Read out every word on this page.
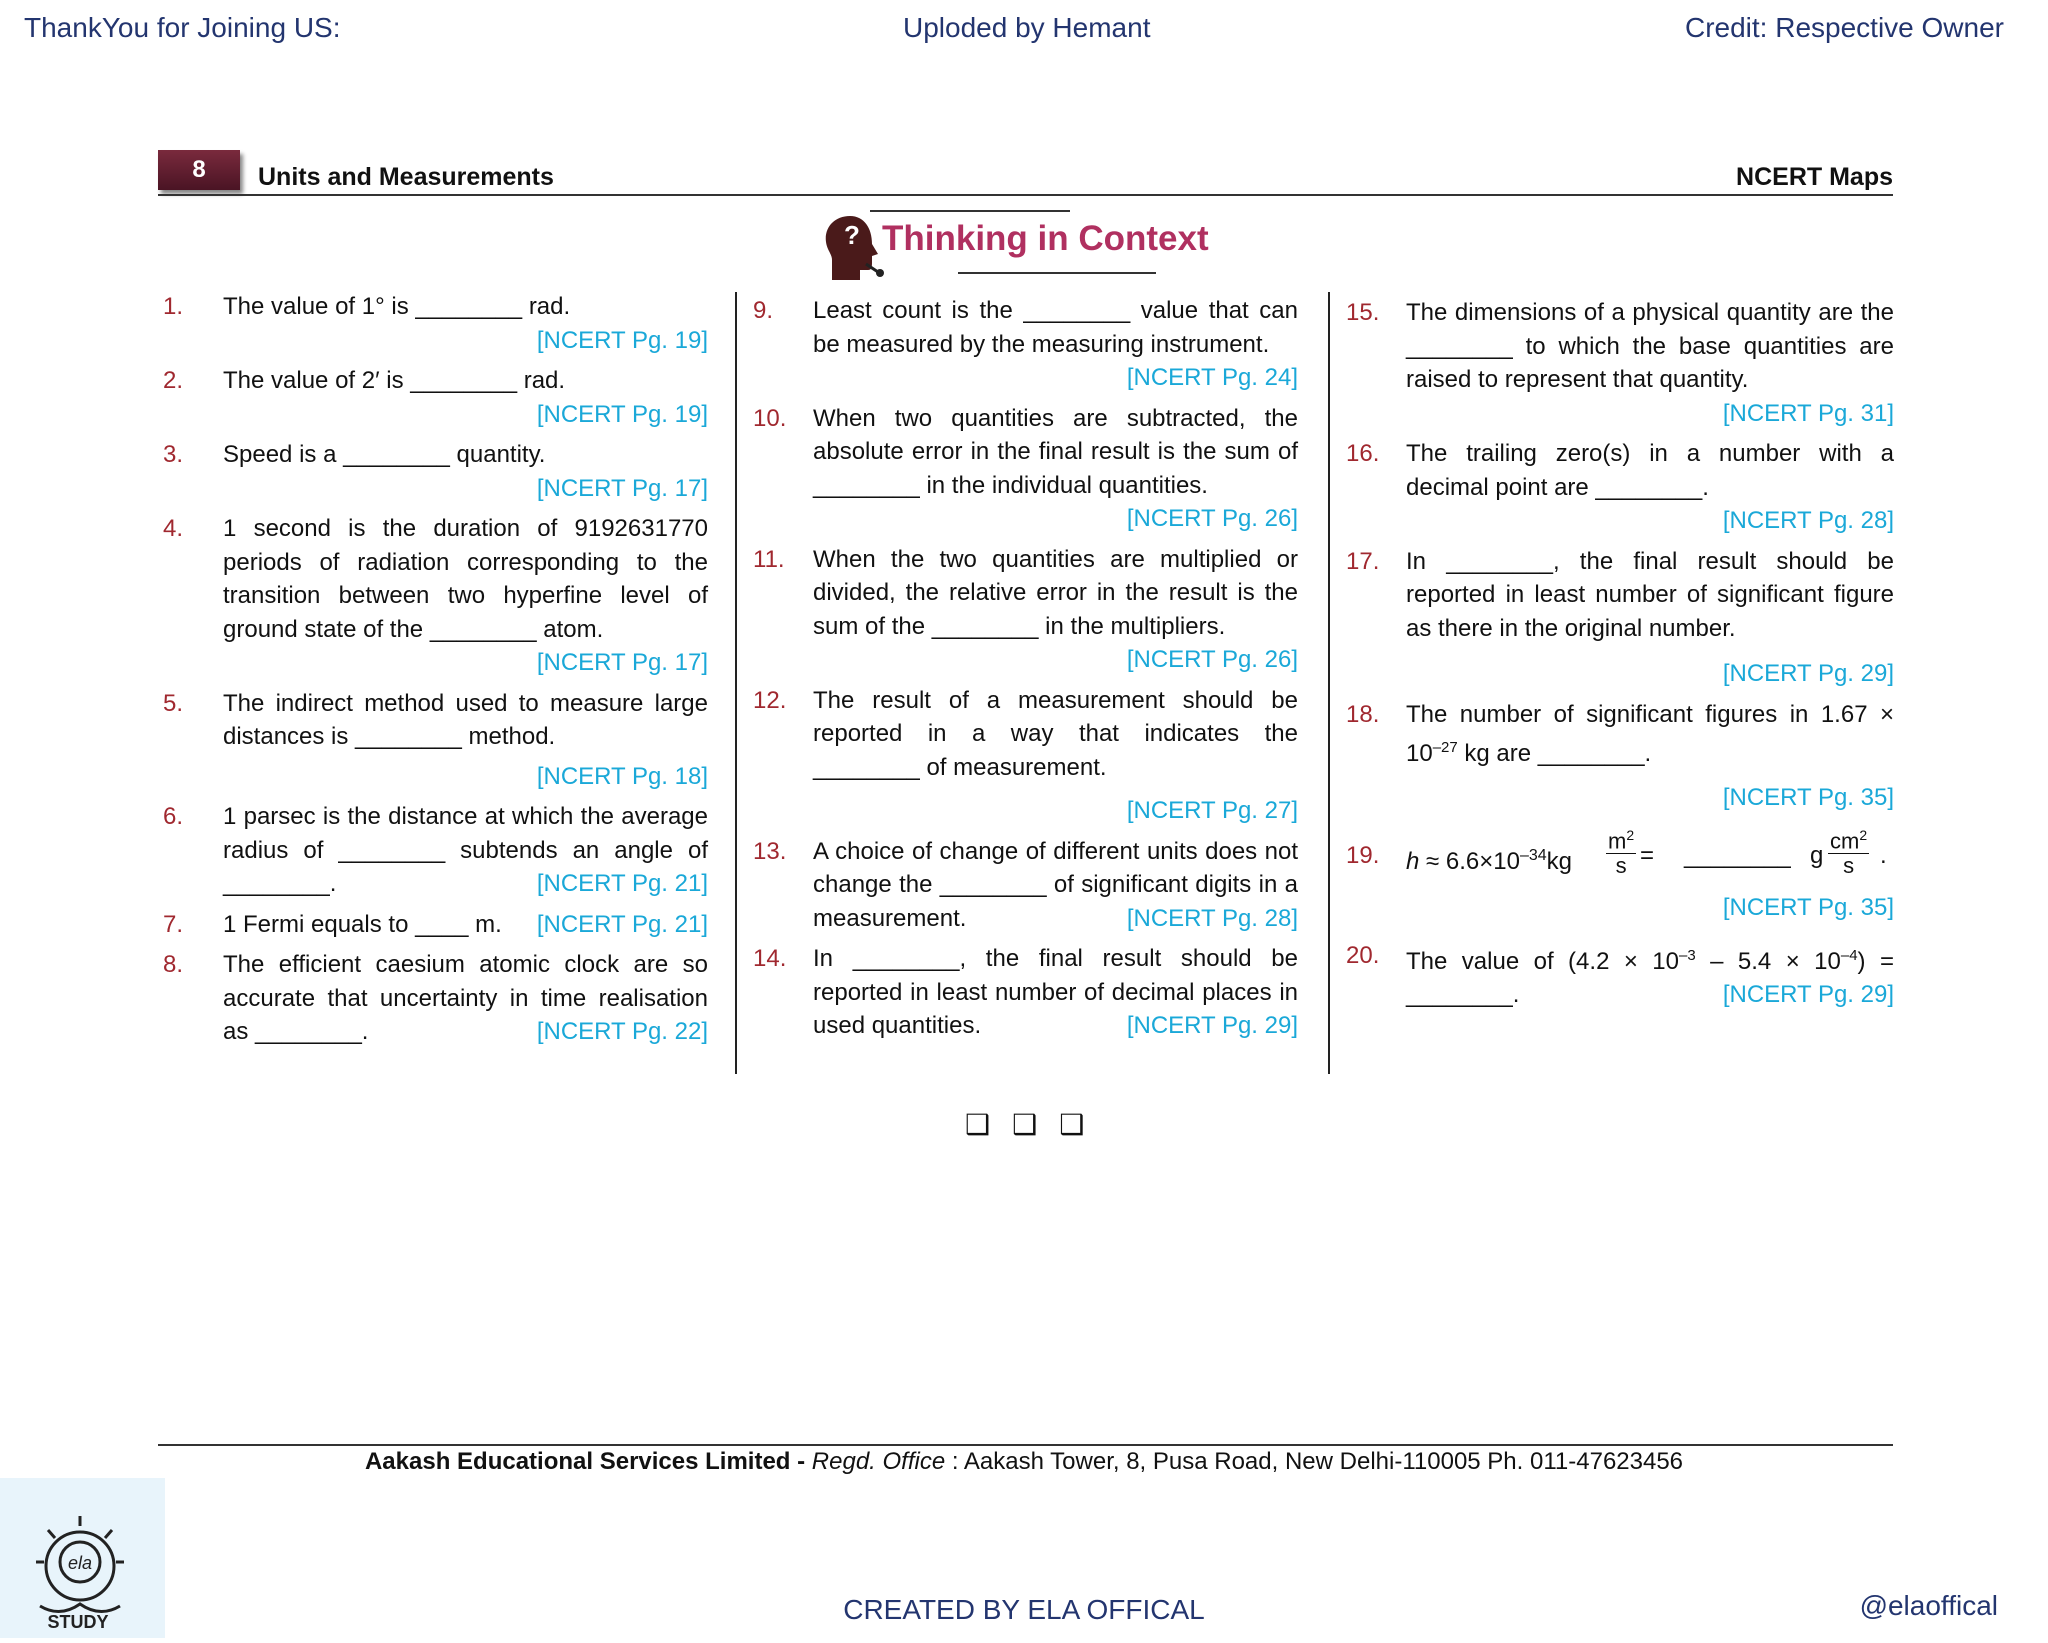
ThankYou for Joining US:	Uploded by Hemant	Credit: Respective Owner
8	Units and Measurements	NCERT Maps
? Thinking in Context
1. The value of 1° is ________ rad.
[NCERT Pg. 19]
2. The value of 2′ is ________ rad.
[NCERT Pg. 19]
3. Speed is a ________ quantity.
[NCERT Pg. 17]
4. 1 second is the duration of 9192631770 periods of radiation corresponding to the transition between two hyperfine level of ground state of the ________ atom.
[NCERT Pg. 17]
5. The indirect method used to measure large distances is ________ method.
[NCERT Pg. 18]
6. 1 parsec is the distance at which the average radius of ________ subtends an angle of ________.	[NCERT Pg. 21]
7. 1 Fermi equals to ____ m. [NCERT Pg. 21]
8. The efficient caesium atomic clock are so accurate that uncertainty in time realisation as ________.	[NCERT Pg. 22]
9. Least count is the ________ value that can be measured by the measuring instrument.
[NCERT Pg. 24]
10. When two quantities are subtracted, the absolute error in the final result is the sum of ________ in the individual quantities.
[NCERT Pg. 26]
11. When the two quantities are multiplied or divided, the relative error in the result is the sum of the ________ in the multipliers.
[NCERT Pg. 26]
12. The result of a measurement should be reported in a way that indicates the ________ of measurement.
[NCERT Pg. 27]
13. A choice of change of different units does not change the ________ of significant digits in a measurement.	[NCERT Pg. 28]
14. In ________, the final result should be reported in least number of decimal places in used quantities.	[NCERT Pg. 29]
15. The dimensions of a physical quantity are the ________ to which the base quantities are raised to represent that quantity.
[NCERT Pg. 31]
16. The trailing zero(s) in a number with a decimal point are ________.
[NCERT Pg. 28]
17. In ________, the final result should be reported in least number of significant figure as there in the original number.
[NCERT Pg. 29]
18. The number of significant figures in $1.67 \times 10^{-27}$ kg are ________.
[NCERT Pg. 35]
19. $h \approx 6.6\times 10^{-34}kg \frac{m^2}{s}$ = ________ g $\frac{cm^2}{s}$ .
[NCERT Pg. 35]
20. The value of $(4.2 \times 10^{-3} - 5.4 \times 10^{-4})$ = ________.	[NCERT Pg. 29]
❑❑❑
Aakash Educational Services Limited - Regd. Office : Aakash Tower, 8, Pusa Road, New Delhi-110005 Ph. 011-47623456
ela
STUDY	CREATED BY ELA OFFICAL	@elaoffical
